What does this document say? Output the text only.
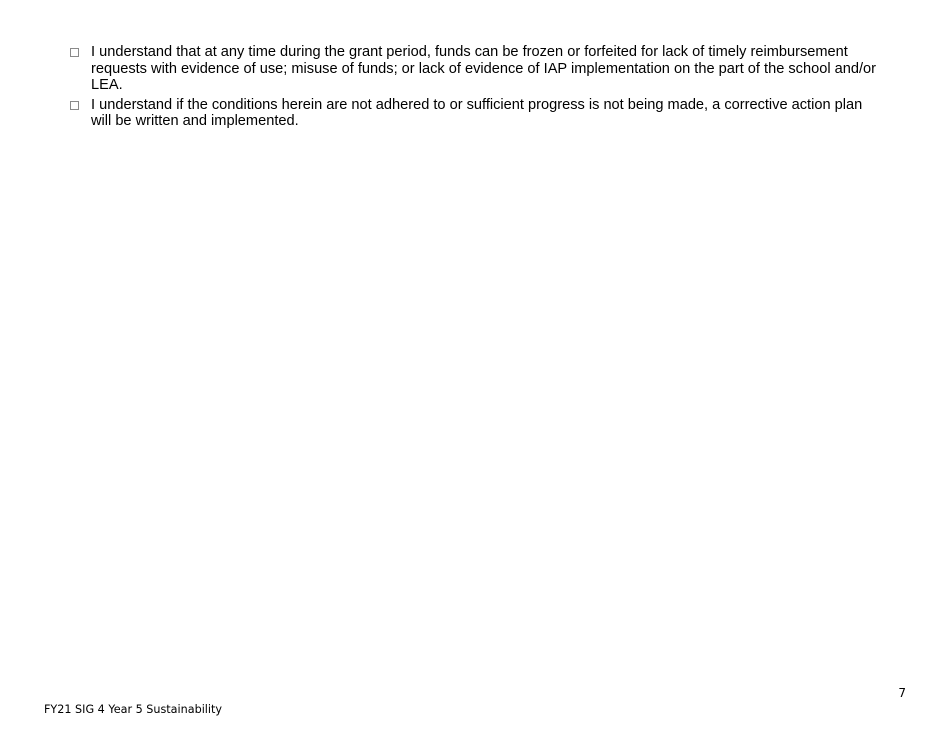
I understand that at any time during the grant period, funds can be frozen or forfeited for lack of timely reimbursement requests with evidence of use; misuse of funds; or lack of evidence of IAP implementation on the part of the school and/or LEA.
I understand if the conditions herein are not adhered to or sufficient progress is not being made, a corrective action plan will be written and implemented.
7
FY21 SIG 4 Year 5 Sustainability
